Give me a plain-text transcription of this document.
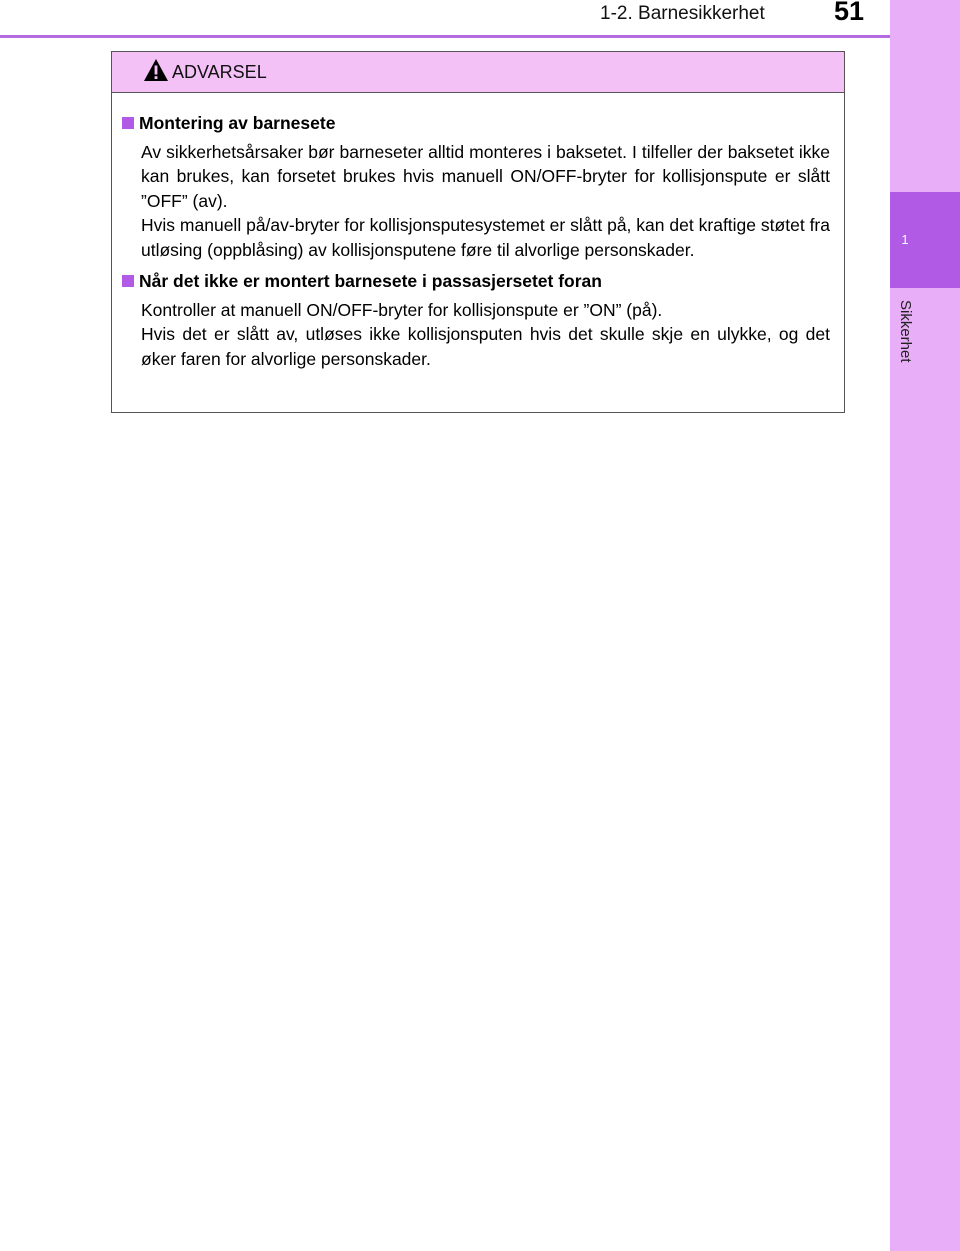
1-2. Barnesikkerhet	51
1
Sikkerhet
ADVARSEL
Montering av barnesete

Av sikkerhetsårsaker bør barneseter alltid monteres i baksetet. I tilfeller der baksetet ikke kan brukes, kan forsetet brukes hvis manuell ON/OFF-bryter for kollisjonspute er slått ”OFF” (av).

Hvis manuell på/av-bryter for kollisjonsputesystemet er slått på, kan det kraftige støtet fra utløsing (oppblåsing) av kollisjonsputene føre til alvorlige personskader.

Når det ikke er montert barnesete i passasjersetet foran

Kontroller at manuell ON/OFF-bryter for kollisjonspute er ”ON” (på).

Hvis det er slått av, utløses ikke kollisjonsputen hvis det skulle skje en ulykke, og det øker faren for alvorlige personskader.
